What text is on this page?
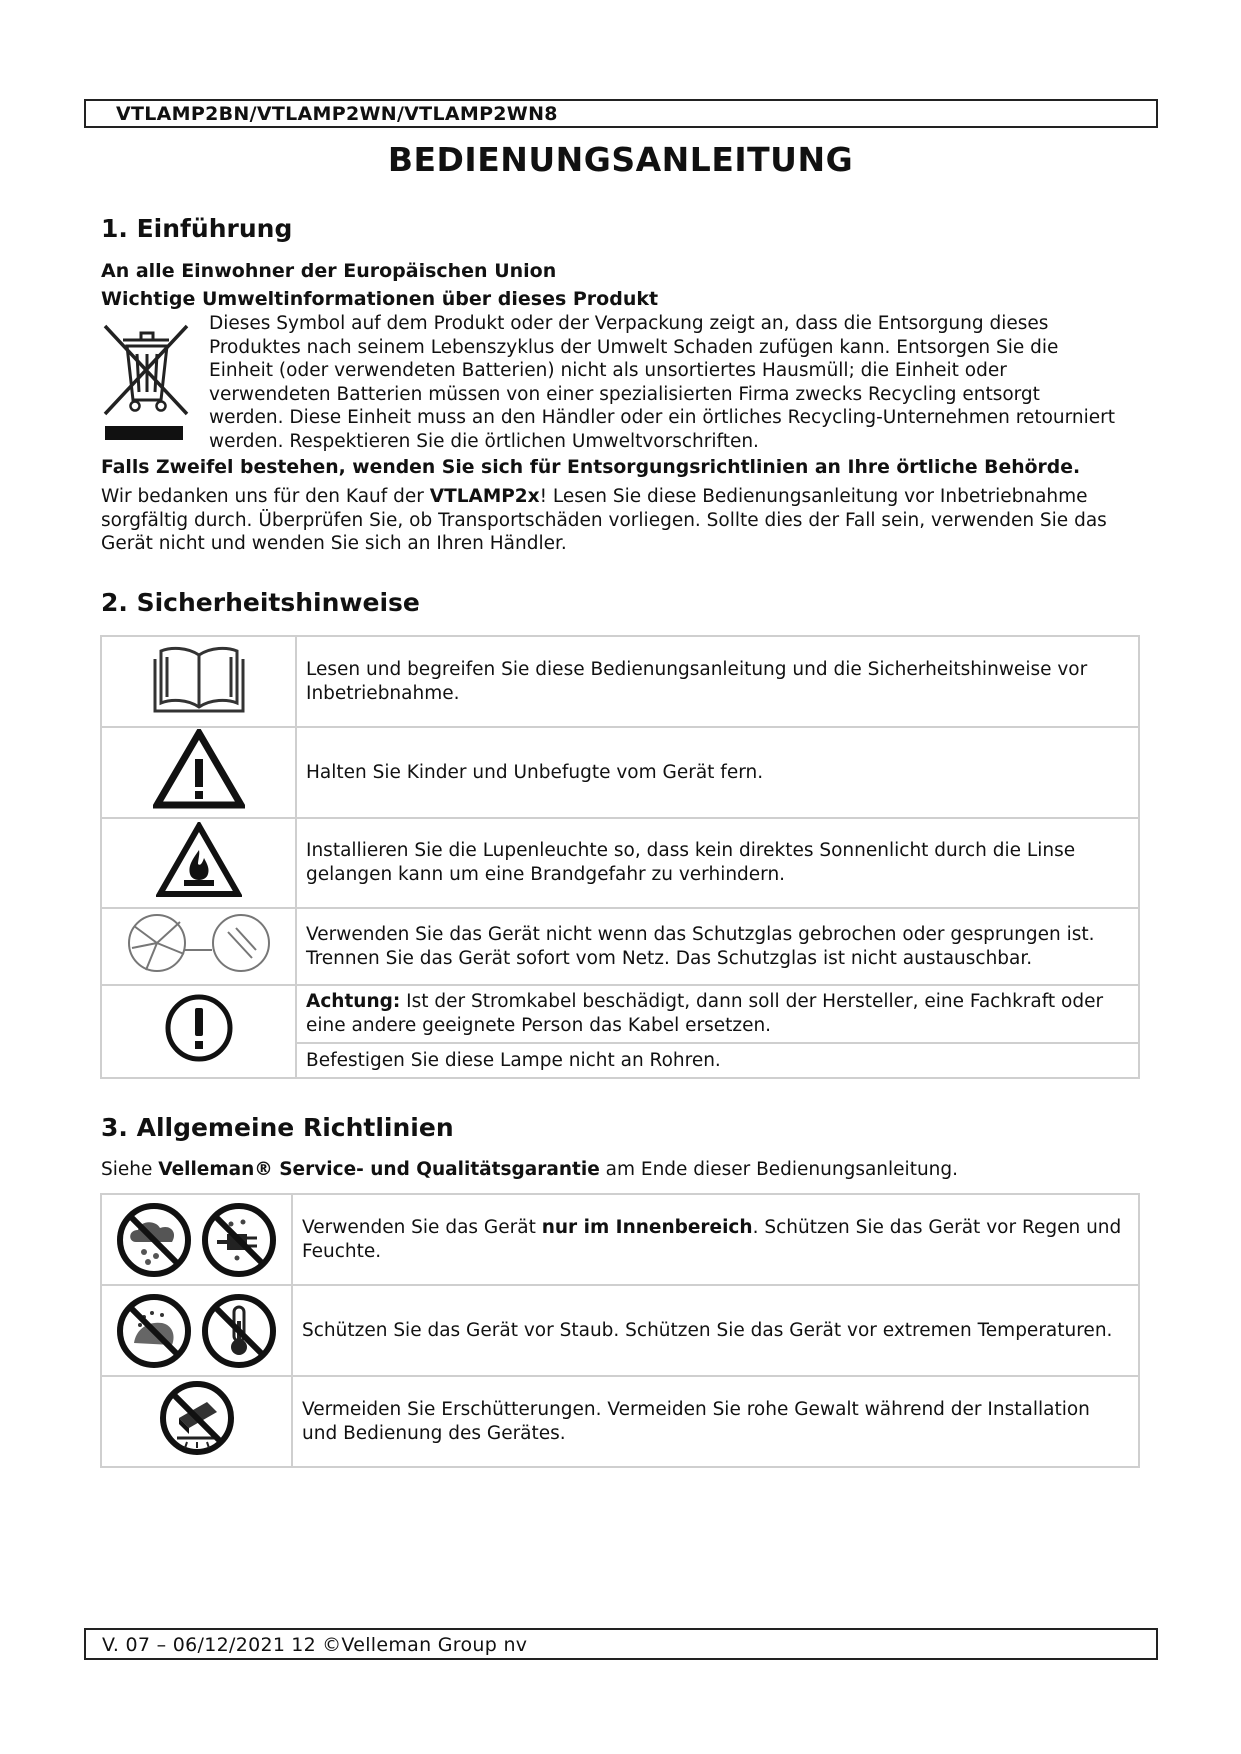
VTLAMP2BN/VTLAMP2WN/VTLAMP2WN8
BEDIENUNGSANLEITUNG
1. Einführung
An alle Einwohner der Europäischen Union
Wichtige Umweltinformationen über dieses Produkt
Dieses Symbol auf dem Produkt oder der Verpackung zeigt an, dass die Entsorgung dieses Produktes nach seinem Lebenszyklus der Umwelt Schaden zufügen kann. Entsorgen Sie die Einheit (oder verwendeten Batterien) nicht als unsortiertes Hausmüll; die Einheit oder verwendeten Batterien müssen von einer spezialisierten Firma zwecks Recycling entsorgt werden. Diese Einheit muss an den Händler oder ein örtliches Recycling-Unternehmen retourniert werden. Respektieren Sie die örtlichen Umweltvorschriften.
Falls Zweifel bestehen, wenden Sie sich für Entsorgungsrichtlinien an Ihre örtliche Behörde.
Wir bedanken uns für den Kauf der VTLAMP2x! Lesen Sie diese Bedienungsanleitung vor Inbetriebnahme sorgfältig durch. Überprüfen Sie, ob Transportschäden vorliegen. Sollte dies der Fall sein, verwenden Sie das Gerät nicht und wenden Sie sich an Ihren Händler.
2. Sicherheitshinweise
	Lesen und begreifen Sie diese Bedienungsanleitung und die Sicherheitshinweise vor Inbetriebnahme.
	Halten Sie Kinder und Unbefugte vom Gerät fern.
	Installieren Sie die Lupenleuchte so, dass kein direktes Sonnenlicht durch die Linse gelangen kann um eine Brandgefahr zu verhindern.
	Verwenden Sie das Gerät nicht wenn das Schutzglas gebrochen oder gesprungen ist. Trennen Sie das Gerät sofort vom Netz. Das Schutzglas ist nicht austauschbar.
	Achtung: Ist der Stromkabel beschädigt, dann soll der Hersteller, eine Fachkraft oder eine andere geeignete Person das Kabel ersetzen.
	Befestigen Sie diese Lampe nicht an Rohren.
3. Allgemeine Richtlinien
Siehe Velleman® Service- und Qualitätsgarantie am Ende dieser Bedienungsanleitung.
	Verwenden Sie das Gerät nur im Innenbereich. Schützen Sie das Gerät vor Regen und Feuchte.
	Schützen Sie das Gerät vor Staub. Schützen Sie das Gerät vor extremen Temperaturen.
	Vermeiden Sie Erschütterungen. Vermeiden Sie rohe Gewalt während der Installation und Bedienung des Gerätes.
V. 07 – 06/12/2021 12 ©Velleman Group nv
